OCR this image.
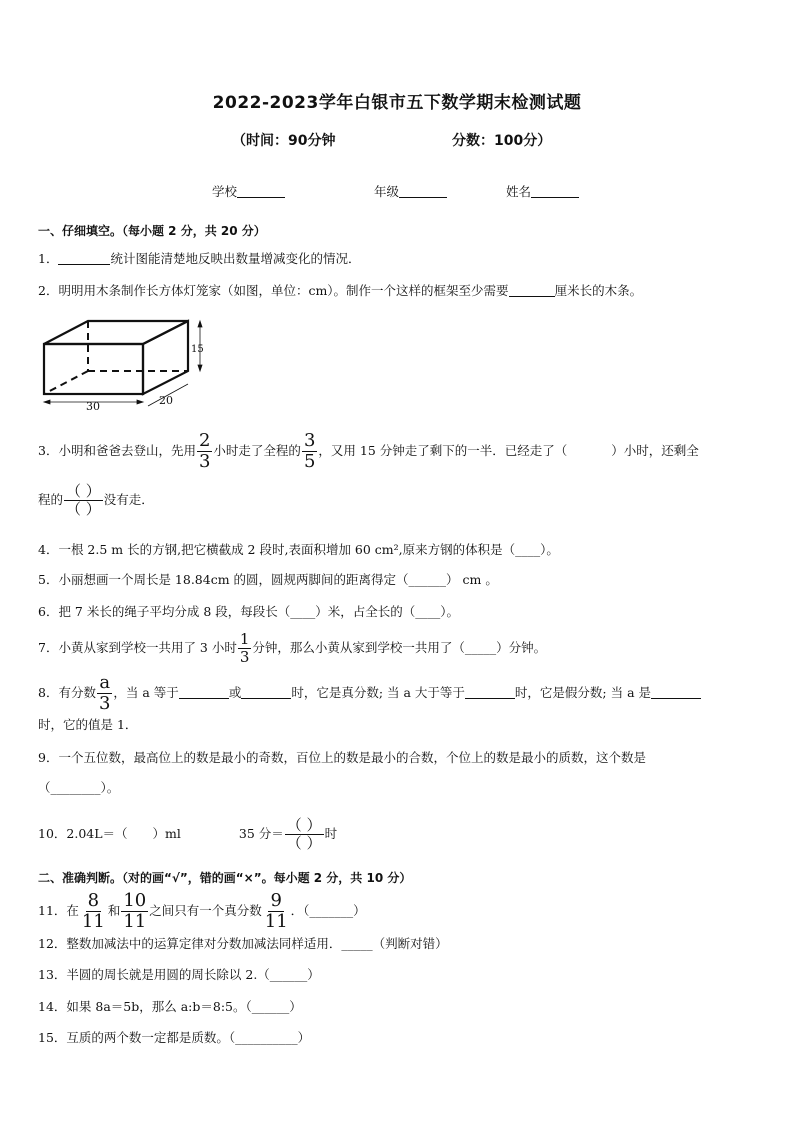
2022-2023学年白银市五下数学期末检测试题
（时间：90分钟	分数：100分）
学校	年级	姓名
一、仔细填空。（每小题 2 分，共 20 分）
1．	统计图能清楚地反映出数量增减变化的情况．
2．明明用木条制作长方体灯笼家（如图，单位：cm）。制作一个这样的框架至少需要	厘米长的木条。
30	20
15
3．小明和爸爸去登山，先用 $\frac{2}{3}$ 小时走了全程的 $\frac{3}{5}$ ，又用 15 分钟走了剩下的一半．已经走了（	）小时，还剩全
程的 $\frac{( )}{( )}$ 没有走．
4．一根 2.5 m 长的方钢,把它横截成 2 段时,表面积增加 60 cm²,原来方钢的体积是（____）。
5．小丽想画一个周长是 18.84cm 的圆，圆规两脚间的距离得定（______） cm 。
6．把 7 米长的绳子平均分成 8 段，每段长（____）米，占全长的（____）。
7．小黄从家到学校一共用了 3 小时 $\frac{1}{3}$ 分钟，那么小黄从家到学校一共用了（_____）分钟。
8．有分数 $\frac{a}{3}$ ，当 a 等于	或	时，它是真分数; 当 a 大于等于	时，它是假分数; 当 a 是
时，它的值是 1．
9．一个五位数，最高位上的数是最小的奇数，百位上的数是最小的合数，个位上的数是最小的质数，这个数是
（________）。
10．2.04L＝（　　）ml	35 分＝ $\frac{( )}{( )}$ 时
二、准确判断。（对的画“√”，错的画“×”。每小题 2 分，共 10 分）
11．在 $\frac{8}{11}$ 和 $\frac{10}{11}$ 之间只有一个真分数 $\frac{9}{11}$ ．（_______）
12．整数加减法中的运算定律对分数加减法同样适用．_____（判断对错）
13．半圆的周长就是用圆的周长除以 2.（______）
14．如果 8a＝5b，那么 a:b＝8:5。（______）
15．互质的两个数一定都是质数。（__________）
